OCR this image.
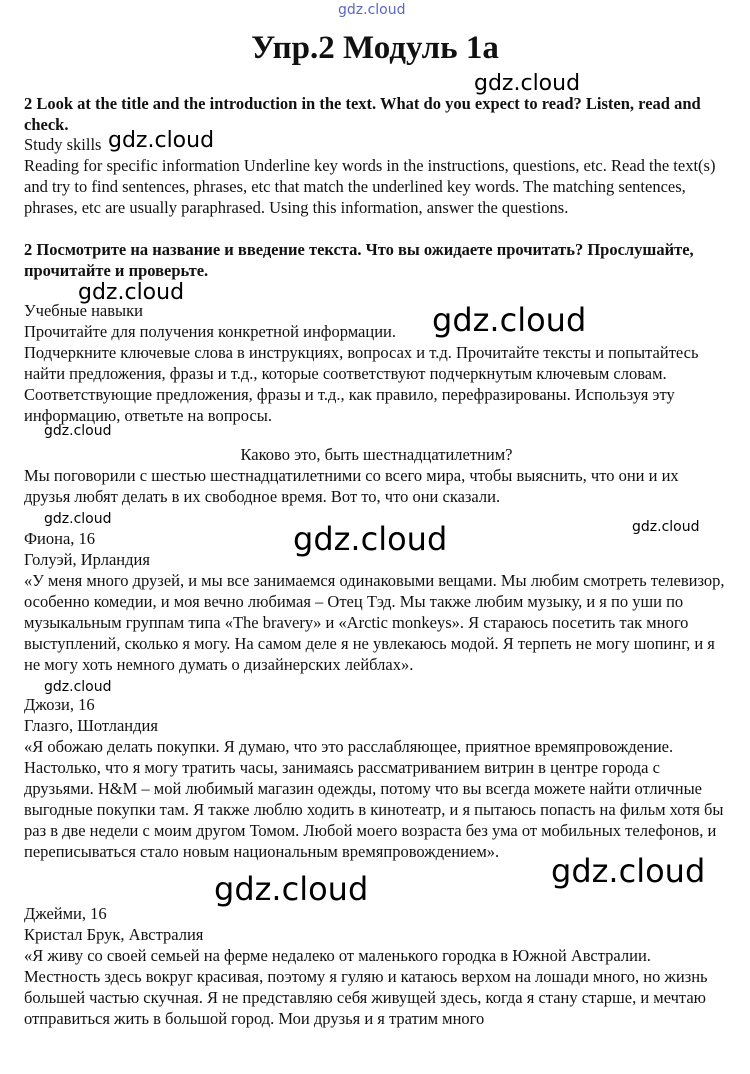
gdz.cloud
gdz.cloud
gdz.cloud
gdz.cloud
gdz.cloud
gdz.cloud
gdz.cloud	gdz.cloud
gdz.cloud
gdz.cloud
gdz.cloud
gdz.cloud
Упр.2 Модуль 1a
2 Look at the title and the introduction in the text. What do you expect to read? Listen, read and check.
Study skills
Reading for specific information Underline key words in the instructions, questions, etc. Read the text(s) and try to find sentences, phrases, etc that match the underlined key words. The matching sentences, phrases, etc are usually paraphrased. Using this information, answer the questions.
2 Посмотрите на название и введение текста. Что вы ожидаете прочитать? Прослушайте, прочитайте и проверьте.
Учебные навыки
Прочитайте для получения конкретной информации.
Подчеркните ключевые слова в инструкциях, вопросах и т.д. Прочитайте тексты и попытайтесь найти предложения, фразы и т.д., которые соответствуют подчеркнутым ключевым словам. Соответствующие предложения, фразы и т.д., как правило, перефразированы. Используя эту информацию, ответьте на вопросы.
Каково это, быть шестнадцатилетним?
Мы поговорили с шестью шестнадцатилетними со всего мира, чтобы выяснить, что они и их друзья любят делать в их свободное время. Вот то, что они сказали.
Фиона, 16
Голуэй, Ирландия
«У меня много друзей, и мы все занимаемся одинаковыми вещами. Мы любим смотреть телевизор, особенно комедии, и моя вечно любимая – Отец Тэд. Мы также любим музыку, и я по уши по музыкальным группам типа «The bravery» и «Arctic monkeys». Я стараюсь посетить так много выступлений, сколько я могу. На самом деле я не увлекаюсь модой. Я терпеть не могу шопинг, и я не могу хоть немного думать о дизайнерских лейблах».
Джози, 16
Глазго, Шотландия
«Я обожаю делать покупки. Я думаю, что это расслабляющее, приятное времяпровождение. Настолько, что я могу тратить часы, занимаясь рассматриванием витрин в центре города с друзьями. H&M – мой любимый магазин одежды, потому что вы всегда можете найти отличные выгодные покупки там. Я также люблю ходить в кинотеатр, и я пытаюсь попасть на фильм хотя бы раз в две недели с моим другом Томом. Любой моего возраста без ума от мобильных телефонов, и переписываться стало новым национальным времяпровождением».
Джейми, 16
Кристал Брук, Австралия
«Я живу со своей семьей на ферме недалеко от маленького городка в Южной Австралии. Местность здесь вокруг красивая, поэтому я гуляю и катаюсь верхом на лошади много, но жизнь большей частью скучная. Я не представляю себя живущей здесь, когда я стану старше, и мечтаю отправиться жить в большой город. Мои друзья и я тратим много
